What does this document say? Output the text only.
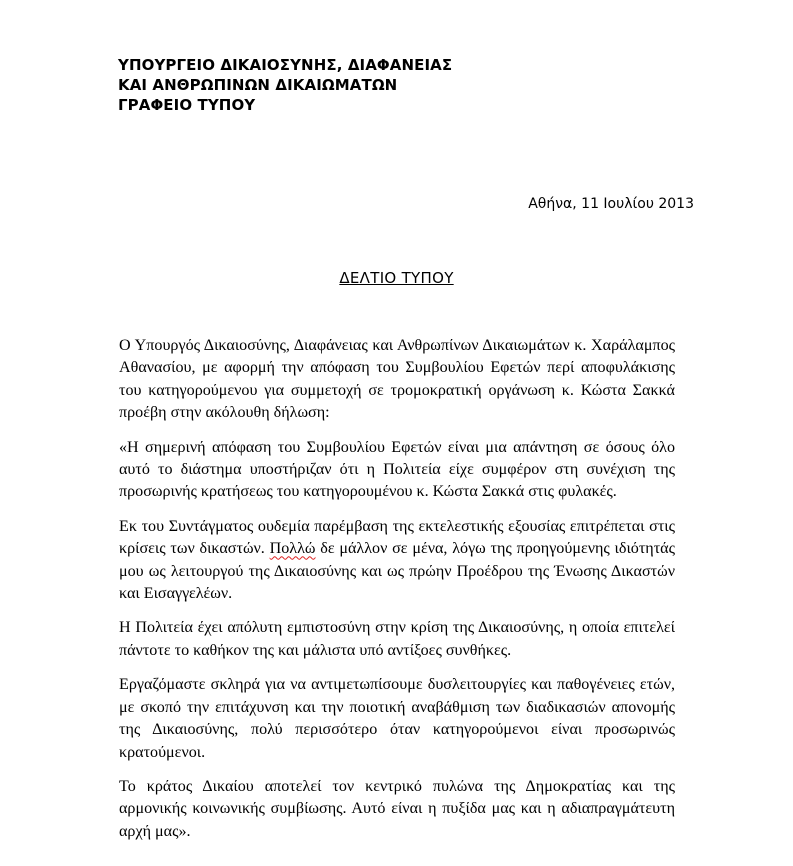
ΥΠΟΥΡΓΕΙΟ ΔΙΚΑΙΟΣΥΝΗΣ, ΔΙΑΦΑΝΕΙΑΣ
ΚΑΙ ΑΝΘΡΩΠΙΝΩΝ ΔΙΚΑΙΩΜΑΤΩΝ
ΓΡΑΦΕΙΟ ΤΥΠΟΥ
Αθήνα, 11 Ιουλίου 2013
ΔΕΛΤΙΟ ΤΥΠΟΥ

Ο Υπουργός Δικαιοσύνης, Διαφάνειας και Ανθρωπίνων Δικαιωμάτων κ. Χαράλαμπος Αθανασίου, με αφορμή την απόφαση του Συμβουλίου Εφετών περί αποφυλάκισης του κατηγορούμενου για συμμετοχή σε τρομοκρατική οργάνωση κ. Κώστα Σακκά προέβη στην ακόλουθη δήλωση:

«Η σημερινή απόφαση του Συμβουλίου Εφετών είναι μια απάντηση σε όσους όλο αυτό το διάστημα υποστήριζαν ότι η Πολιτεία είχε συμφέρον στη συνέχιση της προσωρινής κρατήσεως του κατηγορουμένου κ. Κώστα Σακκά στις φυλακές.

Εκ του Συντάγματος ουδεμία παρέμβαση της εκτελεστικής εξουσίας επιτρέπεται στις κρίσεις των δικαστών. Πολλώ δε μάλλον σε μένα, λόγω της προηγούμενης ιδιότητάς μου ως λειτουργού της Δικαιοσύνης και ως πρώην Προέδρου της Ένωσης Δικαστών και Εισαγγελέων.

Η Πολιτεία έχει απόλυτη εμπιστοσύνη στην κρίση της Δικαιοσύνης, η οποία επιτελεί πάντοτε το καθήκον της και μάλιστα υπό αντίξοες συνθήκες.

Εργαζόμαστε σκληρά για να αντιμετωπίσουμε δυσλειτουργίες και παθογένειες ετών, με σκοπό την επιτάχυνση και την ποιοτική αναβάθμιση των διαδικασιών απονομής της Δικαιοσύνης, πολύ περισσότερο όταν κατηγορούμενοι είναι προσωρινώς κρατούμενοι.

Το κράτος Δικαίου αποτελεί τον κεντρικό πυλώνα της Δημοκρατίας και της αρμονικής κοινωνικής συμβίωσης. Αυτό είναι η πυξίδα μας και η αδιαπραγμάτευτη αρχή μας».
